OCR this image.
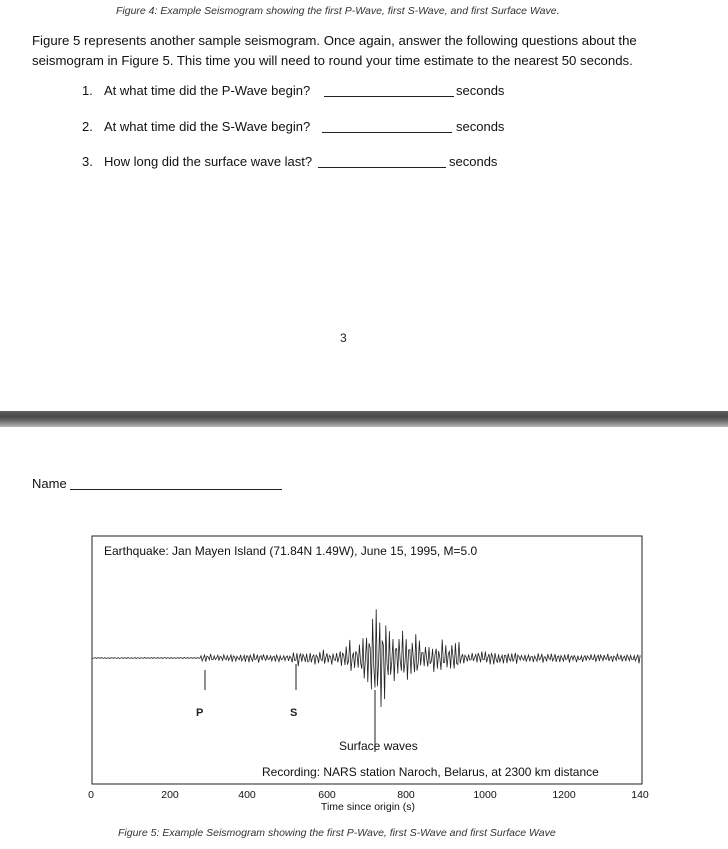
Figure 4: Example Seismogram showing the first P-Wave, first S-Wave, and first Surface Wave.
Figure 5 represents another sample seismogram. Once again, answer the following questions about the
seismogram in Figure 5. This time you will need to round your time estimate to the nearest 50 seconds.
1. At what time did the P-Wave begin?	seconds
2. At what time did the S-Wave begin?	seconds
3. How long did the surface wave last?	seconds
3
Name
Earthquake: Jan Mayen Island (71.84N 1.49W), June 15, 1995, M=5.0
P	S
Surface waves
Recording: NARS station Naroch, Belarus, at 2300 km distance
0	200	400	600	800	1000	1200	140
Time since origin (s)
Figure 5: Example Seismogram showing the first P-Wave, first S-Wave and first Surface Wave
